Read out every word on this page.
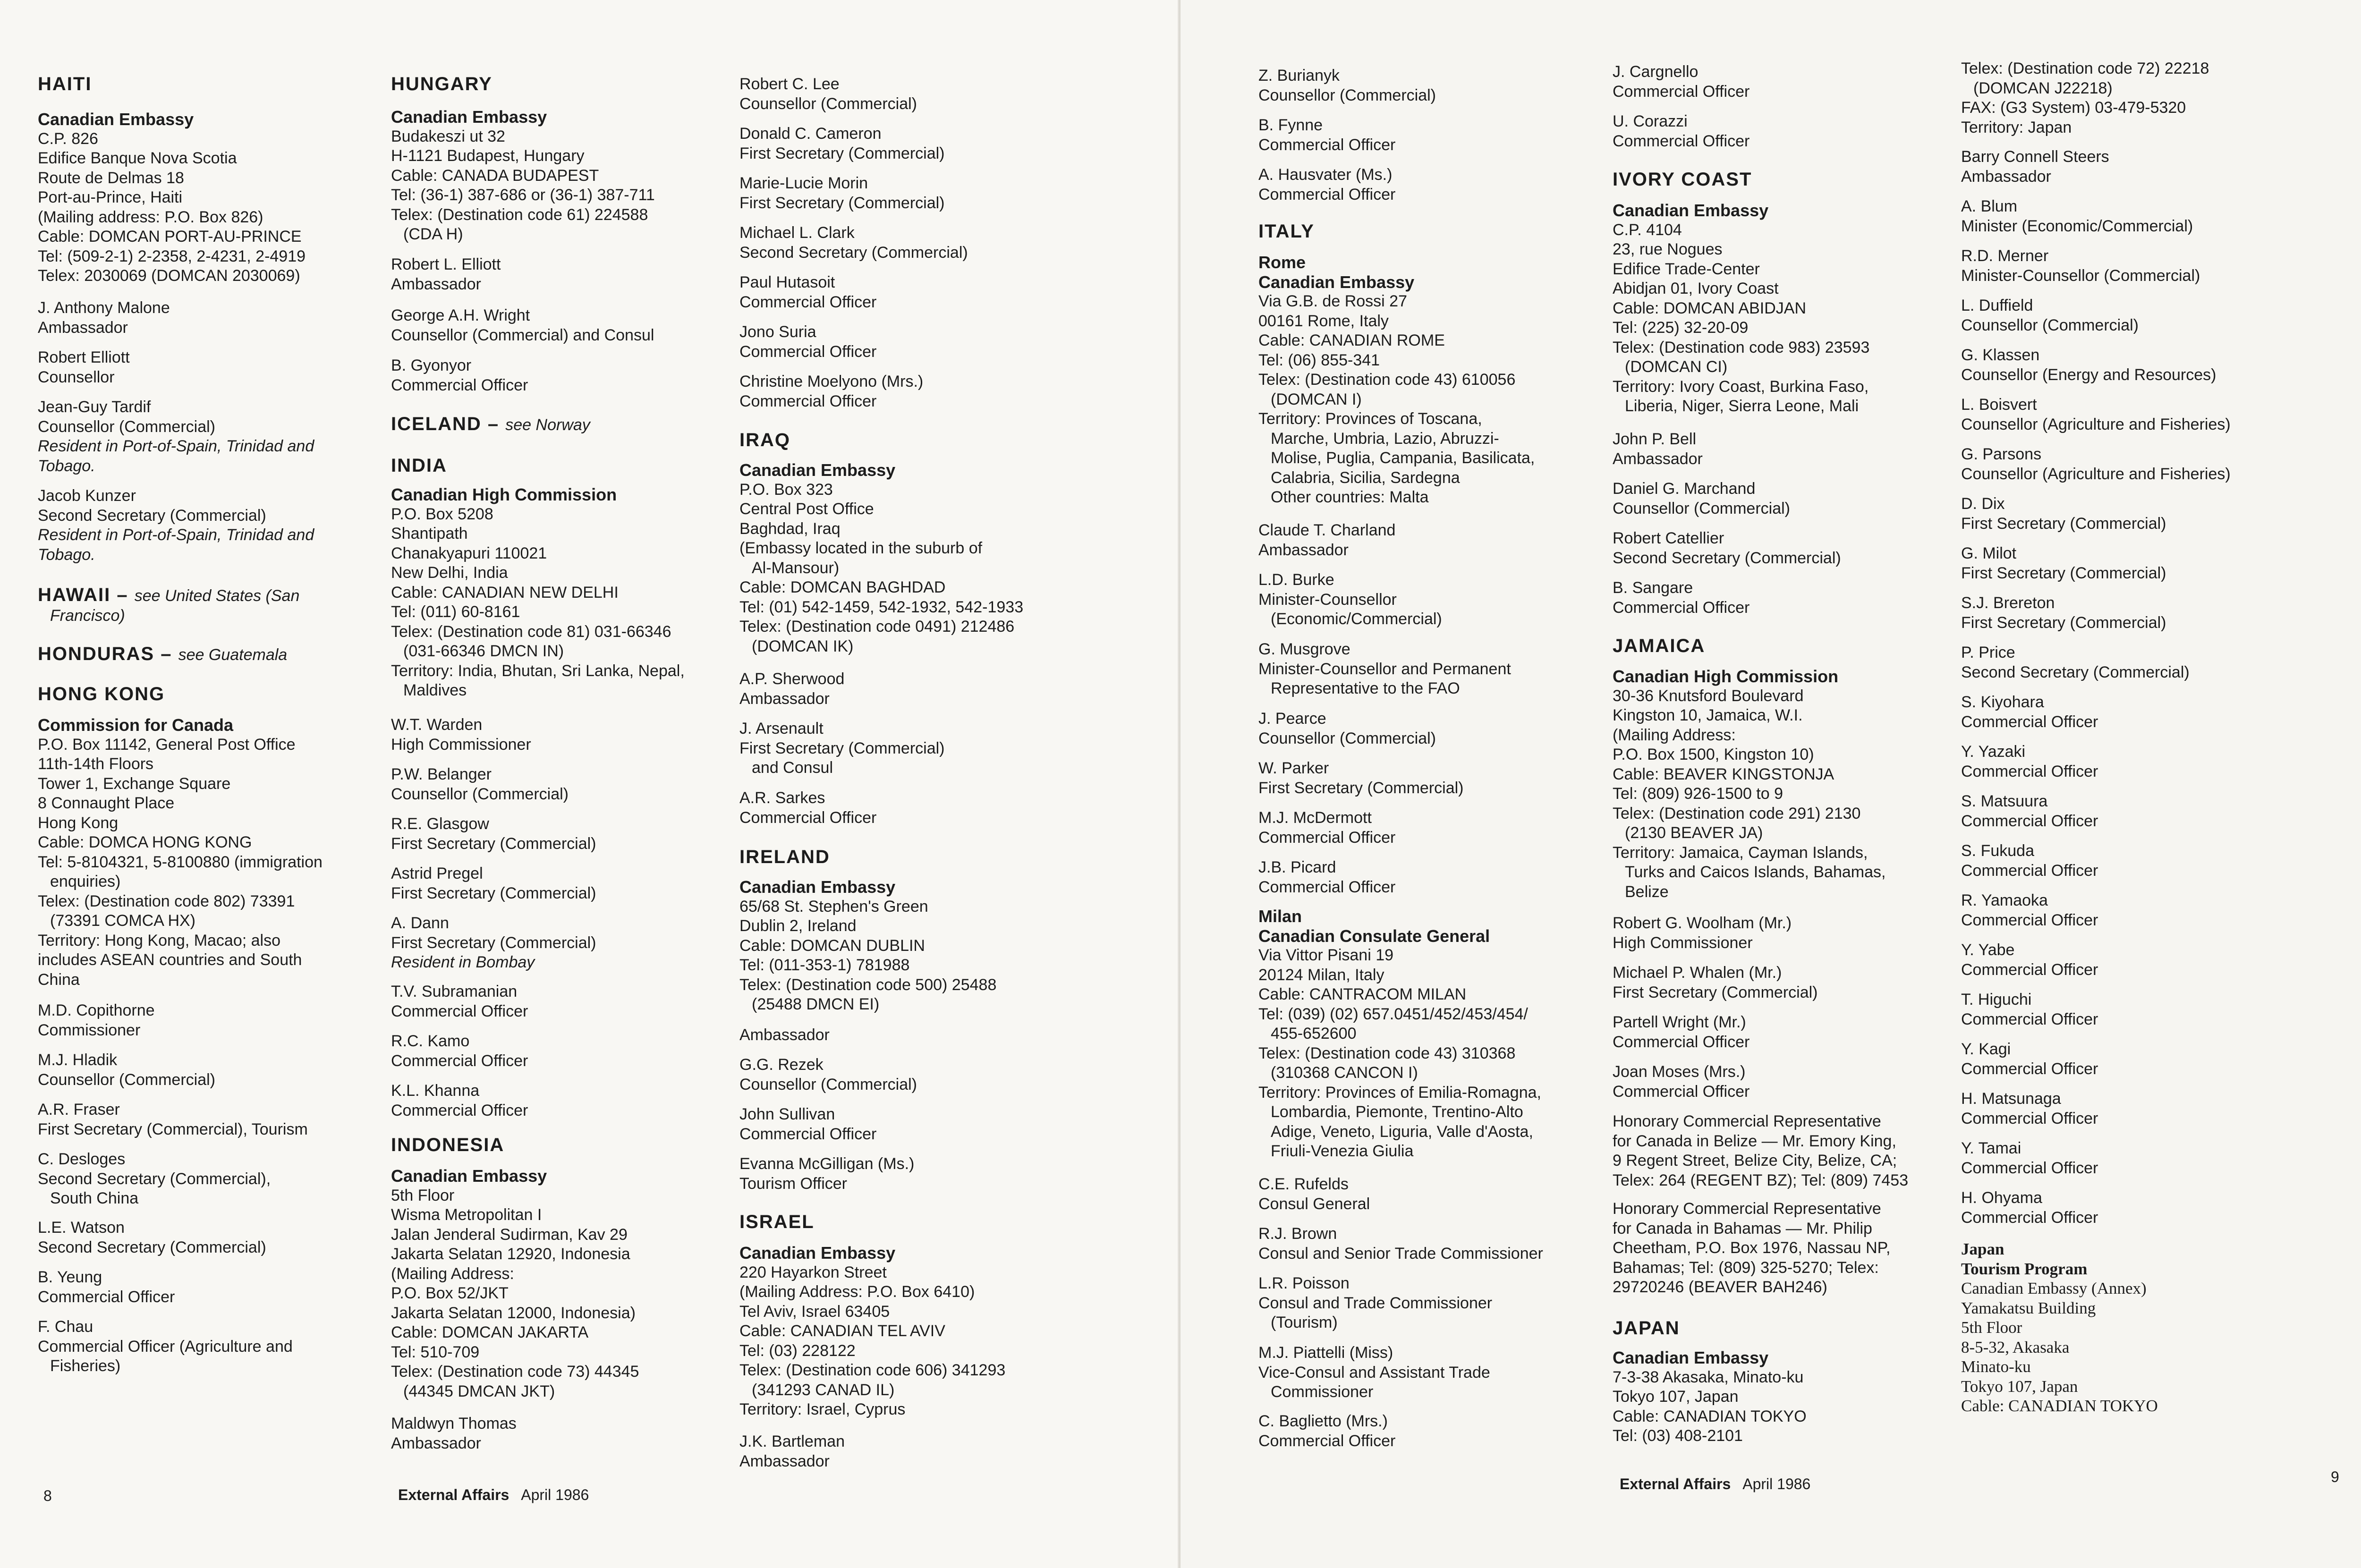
HAITI
Canadian Embassy
C.P. 826
Edifice Banque Nova Scotia
Route de Delmas 18
Port-au-Prince, Haiti
(Mailing address: P.O. Box 826)
Cable: DOMCAN PORT-AU-PRINCE
Tel: (509-2-1) 2-2358, 2-4231, 2-4919
Telex: 2030069 (DOMCAN 2030069)
J. Anthony Malone
Ambassador
Robert Elliott
Counsellor
Jean-Guy Tardif
Counsellor (Commercial)
Resident in Port-of-Spain, Trinidad and
Tobago.
Jacob Kunzer
Second Secretary (Commercial)
Resident in Port-of-Spain, Trinidad and
Tobago.
HAWAII – see United States (San
Francisco)
HONDURAS – see Guatemala
HONG KONG
Commission for Canada
P.O. Box 11142, General Post Office
11th-14th Floors
Tower 1, Exchange Square
8 Connaught Place
Hong Kong
Cable: DOMCA HONG KONG
Tel: 5-8104321, 5-8100880 (immigration
enquiries)
Telex: (Destination code 802) 73391
(73391 COMCA HX)
Territory: Hong Kong, Macao; also
includes ASEAN countries and South
China
M.D. Copithorne
Commissioner
M.J. Hladik
Counsellor (Commercial)
A.R. Fraser
First Secretary (Commercial), Tourism
C. Desloges
Second Secretary (Commercial),
South China
L.E. Watson
Second Secretary (Commercial)
B. Yeung
Commercial Officer
F. Chau
Commercial Officer (Agriculture and
Fisheries)
HUNGARY
Canadian Embassy
Budakeszi ut 32
H-1121 Budapest, Hungary
Cable: CANADA BUDAPEST
Tel: (36-1) 387-686 or (36-1) 387-711
Telex: (Destination code 61) 224588
(CDA H)
Robert L. Elliott
Ambassador
George A.H. Wright
Counsellor (Commercial) and Consul
B. Gyonyor
Commercial Officer
ICELAND – see Norway
INDIA
Canadian High Commission
P.O. Box 5208
Shantipath
Chanakyapuri 110021
New Delhi, India
Cable: CANADIAN NEW DELHI
Tel: (011) 60-8161
Telex: (Destination code 81) 031-66346
(031-66346 DMCN IN)
Territory: India, Bhutan, Sri Lanka, Nepal,
Maldives
W.T. Warden
High Commissioner
P.W. Belanger
Counsellor (Commercial)
R.E. Glasgow
First Secretary (Commercial)
Astrid Pregel
First Secretary (Commercial)
A. Dann
First Secretary (Commercial)
Resident in Bombay
T.V. Subramanian
Commercial Officer
R.C. Kamo
Commercial Officer
K.L. Khanna
Commercial Officer
INDONESIA
Canadian Embassy
5th Floor
Wisma Metropolitan I
Jalan Jenderal Sudirman, Kav 29
Jakarta Selatan 12920, Indonesia
(Mailing Address:
P.O. Box 52/JKT
Jakarta Selatan 12000, Indonesia)
Cable: DOMCAN JAKARTA
Tel: 510-709
Telex: (Destination code 73) 44345
(44345 DMCAN JKT)
Maldwyn Thomas
Ambassador
Robert C. Lee
Counsellor (Commercial)
Donald C. Cameron
First Secretary (Commercial)
Marie-Lucie Morin
First Secretary (Commercial)
Michael L. Clark
Second Secretary (Commercial)
Paul Hutasoit
Commercial Officer
Jono Suria
Commercial Officer
Christine Moelyono (Mrs.)
Commercial Officer
IRAQ
Canadian Embassy
P.O. Box 323
Central Post Office
Baghdad, Iraq
(Embassy located in the suburb of
Al-Mansour)
Cable: DOMCAN BAGHDAD
Tel: (01) 542-1459, 542-1932, 542-1933
Telex: (Destination code 0491) 212486
(DOMCAN IK)
A.P. Sherwood
Ambassador
J. Arsenault
First Secretary (Commercial)
and Consul
A.R. Sarkes
Commercial Officer
IRELAND
Canadian Embassy
65/68 St. Stephen's Green
Dublin 2, Ireland
Cable: DOMCAN DUBLIN
Tel: (011-353-1) 781988
Telex: (Destination code 500) 25488
(25488 DMCN EI)
Ambassador
G.G. Rezek
Counsellor (Commercial)
John Sullivan
Commercial Officer
Evanna McGilligan (Ms.)
Tourism Officer
ISRAEL
Canadian Embassy
220 Hayarkon Street
(Mailing Address: P.O. Box 6410)
Tel Aviv, Israel 63405
Cable: CANADIAN TEL AVIV
Tel: (03) 228122
Telex: (Destination code 606) 341293
(341293 CANAD IL)
Territory: Israel, Cyprus
J.K. Bartleman
Ambassador
8	External Affairs April 1986
Z. Burianyk
Counsellor (Commercial)
B. Fynne
Commercial Officer
A. Hausvater (Ms.)
Commercial Officer
ITALY
Rome
Canadian Embassy
Via G.B. de Rossi 27
00161 Rome, Italy
Cable: CANADIAN ROME
Tel: (06) 855-341
Telex: (Destination code 43) 610056
(DOMCAN I)
Territory: Provinces of Toscana,
Marche, Umbria, Lazio, Abruzzi-
Molise, Puglia, Campania, Basilicata,
Calabria, Sicilia, Sardegna
Other countries: Malta
Claude T. Charland
Ambassador
L.D. Burke
Minister-Counsellor
(Economic/Commercial)
G. Musgrove
Minister-Counsellor and Permanent
Representative to the FAO
J. Pearce
Counsellor (Commercial)
W. Parker
First Secretary (Commercial)
M.J. McDermott
Commercial Officer
J.B. Picard
Commercial Officer
Milan
Canadian Consulate General
Via Vittor Pisani 19
20124 Milan, Italy
Cable: CANTRACOM MILAN
Tel: (039) (02) 657.0451/452/453/454/
455-652600
Telex: (Destination code 43) 310368
(310368 CANCON I)
Territory: Provinces of Emilia-Romagna,
Lombardia, Piemonte, Trentino-Alto
Adige, Veneto, Liguria, Valle d'Aosta,
Friuli-Venezia Giulia
C.E. Rufelds
Consul General
R.J. Brown
Consul and Senior Trade Commissioner
L.R. Poisson
Consul and Trade Commissioner
(Tourism)
M.J. Piattelli (Miss)
Vice-Consul and Assistant Trade
Commissioner
C. Baglietto (Mrs.)
Commercial Officer
J. Cargnello
Commercial Officer
U. Corazzi
Commercial Officer
IVORY COAST
Canadian Embassy
C.P. 4104
23, rue Nogues
Edifice Trade-Center
Abidjan 01, Ivory Coast
Cable: DOMCAN ABIDJAN
Tel: (225) 32-20-09
Telex: (Destination code 983) 23593
(DOMCAN CI)
Territory: Ivory Coast, Burkina Faso,
Liberia, Niger, Sierra Leone, Mali
John P. Bell
Ambassador
Daniel G. Marchand
Counsellor (Commercial)
Robert Catellier
Second Secretary (Commercial)
B. Sangare
Commercial Officer
JAMAICA
Canadian High Commission
30-36 Knutsford Boulevard
Kingston 10, Jamaica, W.I.
(Mailing Address:
P.O. Box 1500, Kingston 10)
Cable: BEAVER KINGSTONJA
Tel: (809) 926-1500 to 9
Telex: (Destination code 291) 2130
(2130 BEAVER JA)
Territory: Jamaica, Cayman Islands,
Turks and Caicos Islands, Bahamas,
Belize
Robert G. Woolham (Mr.)
High Commissioner
Michael P. Whalen (Mr.)
First Secretary (Commercial)
Partell Wright (Mr.)
Commercial Officer
Joan Moses (Mrs.)
Commercial Officer
Honorary Commercial Representative
for Canada in Belize — Mr. Emory King,
9 Regent Street, Belize City, Belize, CA;
Telex: 264 (REGENT BZ); Tel: (809) 7453
Honorary Commercial Representative
for Canada in Bahamas — Mr. Philip
Cheetham, P.O. Box 1976, Nassau NP,
Bahamas; Tel: (809) 325-5270; Telex:
29720246 (BEAVER BAH246)
JAPAN
Canadian Embassy
7-3-38 Akasaka, Minato-ku
Tokyo 107, Japan
Cable: CANADIAN TOKYO
Tel: (03) 408-2101
Telex: (Destination code 72) 22218
(DOMCAN J22218)
FAX: (G3 System) 03-479-5320
Territory: Japan
Barry Connell Steers
Ambassador
A. Blum
Minister (Economic/Commercial)
R.D. Merner
Minister-Counsellor (Commercial)
L. Duffield
Counsellor (Commercial)
G. Klassen
Counsellor (Energy and Resources)
L. Boisvert
Counsellor (Agriculture and Fisheries)
G. Parsons
Counsellor (Agriculture and Fisheries)
D. Dix
First Secretary (Commercial)
G. Milot
First Secretary (Commercial)
S.J. Brereton
First Secretary (Commercial)
P. Price
Second Secretary (Commercial)
S. Kiyohara
Commercial Officer
Y. Yazaki
Commercial Officer
S. Matsuura
Commercial Officer
S. Fukuda
Commercial Officer
R. Yamaoka
Commercial Officer
Y. Yabe
Commercial Officer
T. Higuchi
Commercial Officer
Y. Kagi
Commercial Officer
H. Matsunaga
Commercial Officer
Y. Tamai
Commercial Officer
H. Ohyama
Commercial Officer
Japan
Tourism Program
Canadian Embassy (Annex)
Yamakatsu Building
5th Floor
8-5-32, Akasaka
Minato-ku
Tokyo 107, Japan
Cable: CANADIAN TOKYO
9
External Affairs April 1986
